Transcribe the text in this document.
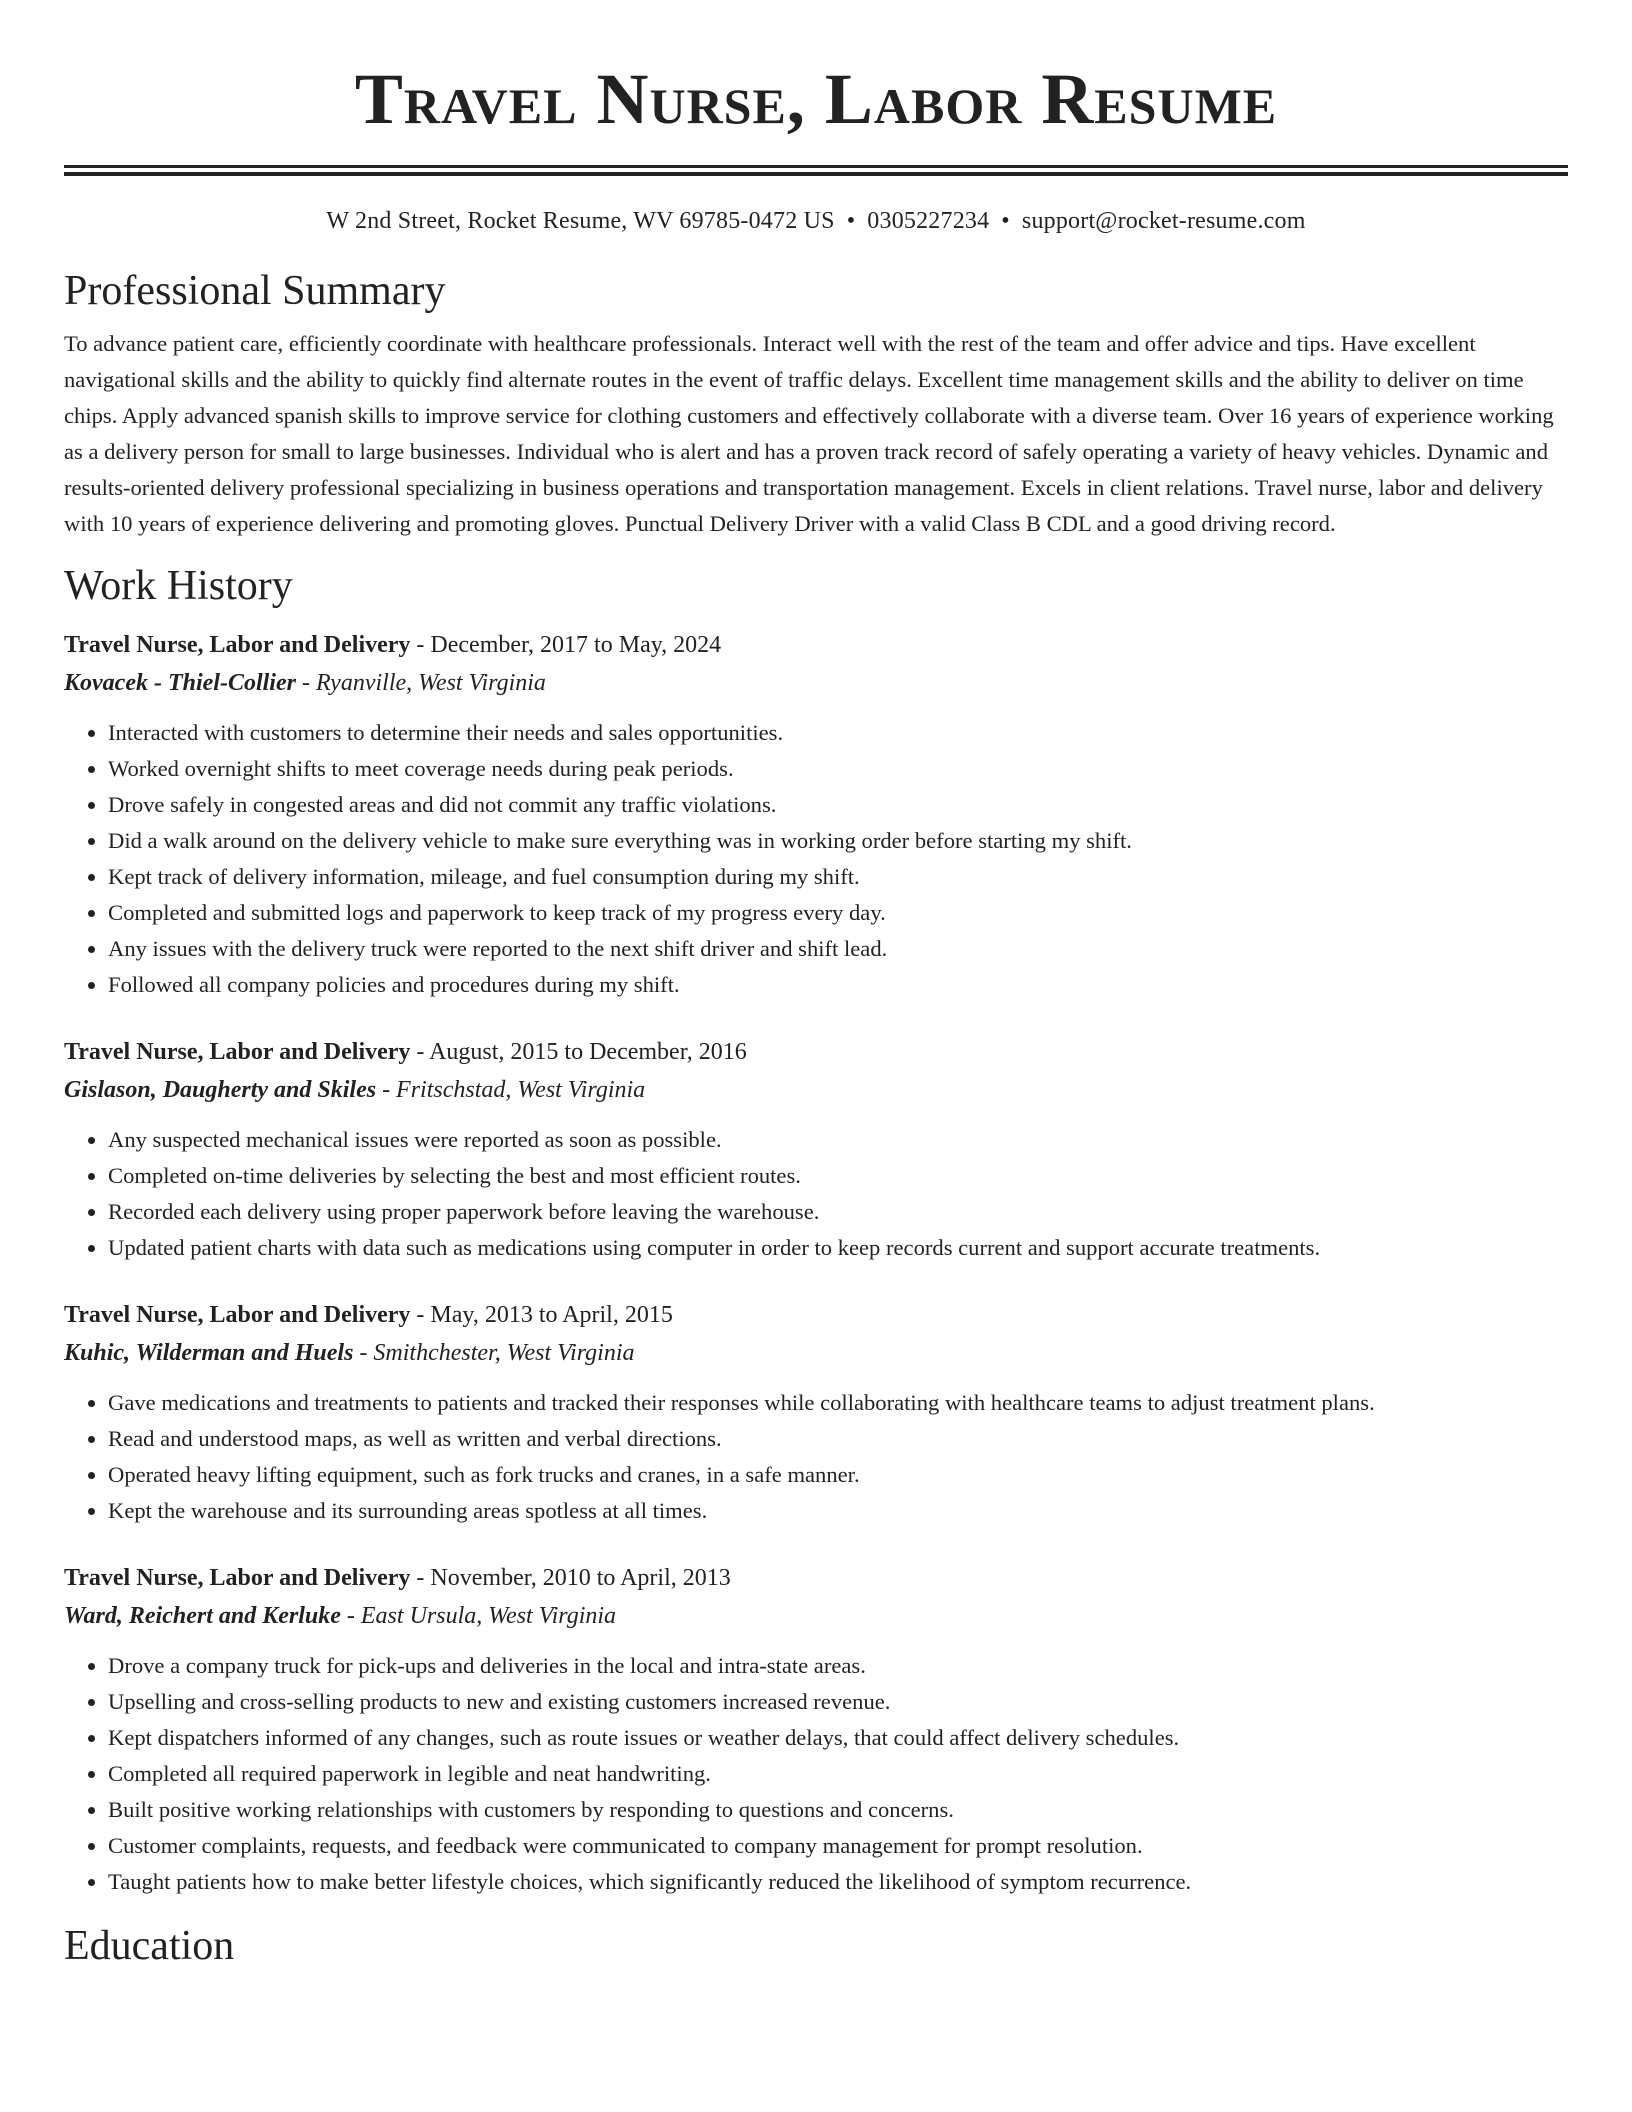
Travel Nurse, Labor Resume
W 2nd Street, Rocket Resume, WV 69785-0472 US • 0305227234 • support@rocket-resume.com
Professional Summary
To advance patient care, efficiently coordinate with healthcare professionals. Interact well with the rest of the team and offer advice and tips. Have excellent navigational skills and the ability to quickly find alternate routes in the event of traffic delays. Excellent time management skills and the ability to deliver on time chips. Apply advanced spanish skills to improve service for clothing customers and effectively collaborate with a diverse team. Over 16 years of experience working as a delivery person for small to large businesses. Individual who is alert and has a proven track record of safely operating a variety of heavy vehicles. Dynamic and results-oriented delivery professional specializing in business operations and transportation management. Excels in client relations. Travel nurse, labor and delivery with 10 years of experience delivering and promoting gloves. Punctual Delivery Driver with a valid Class B CDL and a good driving record.
Work History
Travel Nurse, Labor and Delivery - December, 2017 to May, 2024
Kovacek - Thiel-Collier - Ryanville, West Virginia
• Interacted with customers to determine their needs and sales opportunities.
• Worked overnight shifts to meet coverage needs during peak periods.
• Drove safely in congested areas and did not commit any traffic violations.
• Did a walk around on the delivery vehicle to make sure everything was in working order before starting my shift.
• Kept track of delivery information, mileage, and fuel consumption during my shift.
• Completed and submitted logs and paperwork to keep track of my progress every day.
• Any issues with the delivery truck were reported to the next shift driver and shift lead.
• Followed all company policies and procedures during my shift.
Travel Nurse, Labor and Delivery - August, 2015 to December, 2016
Gislason, Daugherty and Skiles - Fritschstad, West Virginia
• Any suspected mechanical issues were reported as soon as possible.
• Completed on-time deliveries by selecting the best and most efficient routes.
• Recorded each delivery using proper paperwork before leaving the warehouse.
• Updated patient charts with data such as medications using computer in order to keep records current and support accurate treatments.
Travel Nurse, Labor and Delivery - May, 2013 to April, 2015
Kuhic, Wilderman and Huels - Smithchester, West Virginia
• Gave medications and treatments to patients and tracked their responses while collaborating with healthcare teams to adjust treatment plans.
• Read and understood maps, as well as written and verbal directions.
• Operated heavy lifting equipment, such as fork trucks and cranes, in a safe manner.
• Kept the warehouse and its surrounding areas spotless at all times.
Travel Nurse, Labor and Delivery - November, 2010 to April, 2013
Ward, Reichert and Kerluke - East Ursula, West Virginia
• Drove a company truck for pick-ups and deliveries in the local and intra-state areas.
• Upselling and cross-selling products to new and existing customers increased revenue.
• Kept dispatchers informed of any changes, such as route issues or weather delays, that could affect delivery schedules.
• Completed all required paperwork in legible and neat handwriting.
• Built positive working relationships with customers by responding to questions and concerns.
• Customer complaints, requests, and feedback were communicated to company management for prompt resolution.
• Taught patients how to make better lifestyle choices, which significantly reduced the likelihood of symptom recurrence.
Education
